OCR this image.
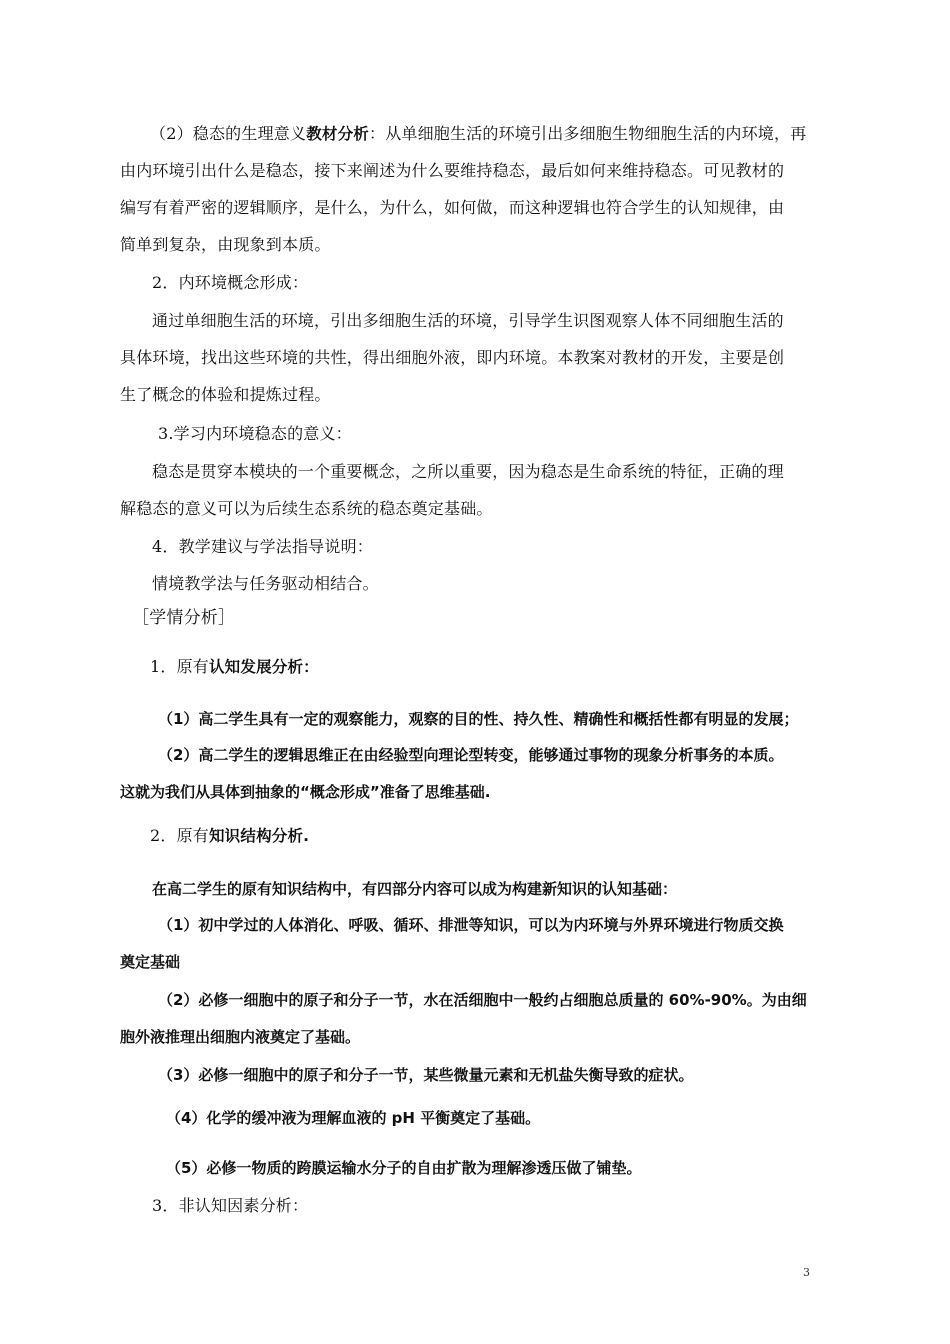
（2）稳态的生理意义教材分析：从单细胞生活的环境引出多细胞生物细胞生活的内环境，再

由内环境引出什么是稳态，接下来阐述为什么要维持稳态，最后如何来维持稳态。可见教材的

编写有着严密的逻辑顺序，是什么，为什么，如何做，而这种逻辑也符合学生的认知规律，由

简单到复杂，由现象到本质。

2．内环境概念形成：

通过单细胞生活的环境，引出多细胞生活的环境，引导学生识图观察人体不同细胞生活的

具体环境，找出这些环境的共性，得出细胞外液，即内环境。本教案对教材的开发，主要是创

生了概念的体验和提炼过程。

3.学习内环境稳态的意义：

稳态是贯穿本模块的一个重要概念，之所以重要，因为稳态是生命系统的特征，正确的理

解稳态的意义可以为后续生态系统的稳态奠定基础。

4．教学建议与学法指导说明：

情境教学法与任务驱动相结合。

［学情分析］

1．原有认知发展分析：

（1）高二学生具有一定的观察能力，观察的目的性、持久性、精确性和概括性都有明显的发展；

（2）高二学生的逻辑思维正在由经验型向理论型转变，能够通过事物的现象分析事务的本质。

这就为我们从具体到抽象的“概念形成”准备了思维基础.

2．原有知识结构分析.

在高二学生的原有知识结构中，有四部分内容可以成为构建新知识的认知基础：

（1）初中学过的人体消化、呼吸、循环、排泄等知识，可以为内环境与外界环境进行物质交换

奠定基础

（2）必修一细胞中的原子和分子一节，水在活细胞中一般约占细胞总质量的 60%-90%。为由细

胞外液推理出细胞内液奠定了基础。

（3）必修一细胞中的原子和分子一节，某些微量元素和无机盐失衡导致的症状。

（4）化学的缓冲液为理解血液的 pH 平衡奠定了基础。

（5）必修一物质的跨膜运输水分子的自由扩散为理解渗透压做了铺垫。

3．非认知因素分析：

3
